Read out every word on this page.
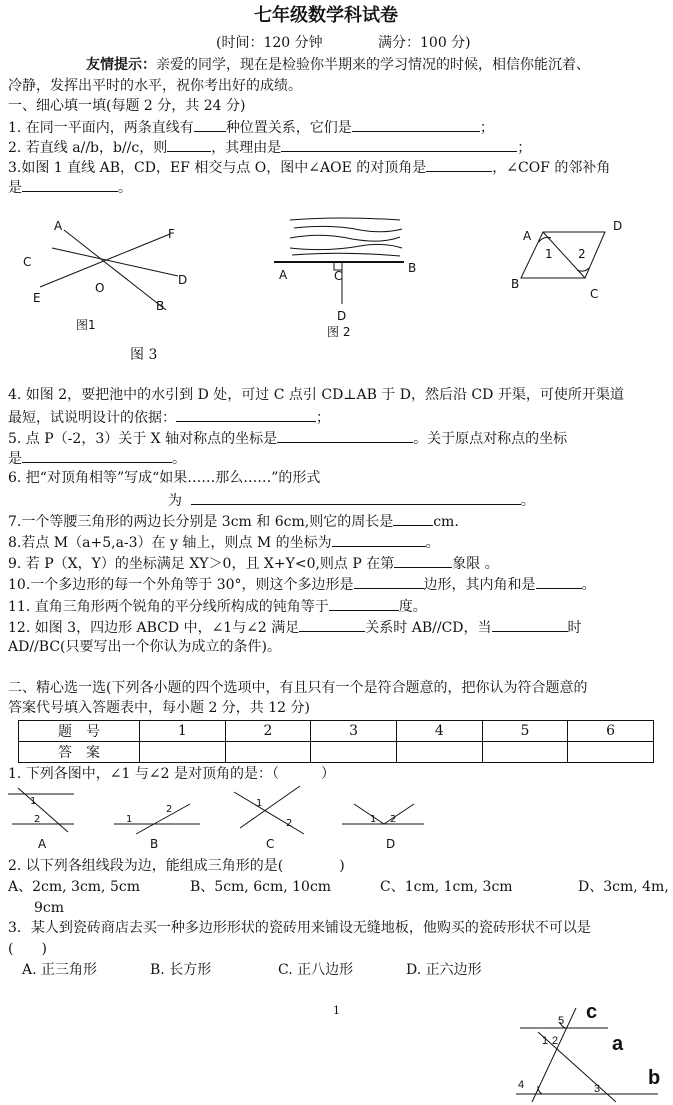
七年级数学科试卷
(时间：120 分钟	满分：100 分)
友情提示：亲爱的同学，现在是检验你半期来的学习情况的时候，相信你能沉着、
冷静，发挥出平时的水平，祝你考出好的成绩。
一、细心填一填(每题 2 分，共 24 分)
1. 在同一平面内，两条直线有 种位置关系，它们是	；
2. 若直线 a//b，b//c，则	，其理由是	；
3.如图 1 直线 AB，CD，EF 相交与点 O，图中∠AOE 的对顶角是	，∠COF 的邻补角
是	。
A
F
C
D
E
O
B
图1
图 3
A	C
B
D
图 2
A
D
1 2
B
C
4. 如图 2，要把池中的水引到 D 处，可过 C 点引 CD⊥AB 于 D，然后沿 CD 开渠，可使所开渠道
最短，试说明设计的依据：	；
5. 点 P（-2，3）关于 X 轴对称点的坐标是	。关于原点对称点的坐标
是	。
6. 把“对顶角相等”写成“如果……那么……”的形式
为	。
7.一个等腰三角形的两边长分别是 3cm 和 6cm,则它的周长是	cm.
8.若点 M（a+5,a-3）在 y 轴上，则点 M 的坐标为	。
9. 若 P（X，Y）的坐标满足 XY＞0，且 X+Y<0,则点 P 在第	象限 。
10.一个多边形的每一个外角等于 30°，则这个多边形是	边形，其内角和是	。
11. 直角三角形两个锐角的平分线所构成的钝角等于	度。
12. 如图 3，四边形 ABCD 中，∠1与∠2 满足	关系时 AB//CD，当	时
AD//BC(只要写出一个你认为成立的条件)。
二、精心选一选(下列各小题的四个选项中，有且只有一个是符合题意的，把你认为符合题意的
答案代号填入答题表中，每小题 2 分，共 12 分)
题　号	1	2	3	4	5	6
答　案						
1. 下列各图中，∠1 与∠2 是对顶角的是：（　　　）
1
2	1
2
1
2	1 2
A	B	C	D
2. 以下列各组线段为边，能组成三角形的是(　　　　)
A、2cm, 3cm, 5cm	B、5cm, 6cm, 10cm	C、1cm, 1cm, 3cm	D、3cm, 4m,
9cm
3．某人到瓷砖商店去买一种多边形形状的瓷砖用来铺设无缝地板，他购买的瓷砖形状不可以是
(　　)
A. 正三角形	B. 长方形	C. 正八边形	D. 正六边形
1	c
5
a
1 2
4	3 b
